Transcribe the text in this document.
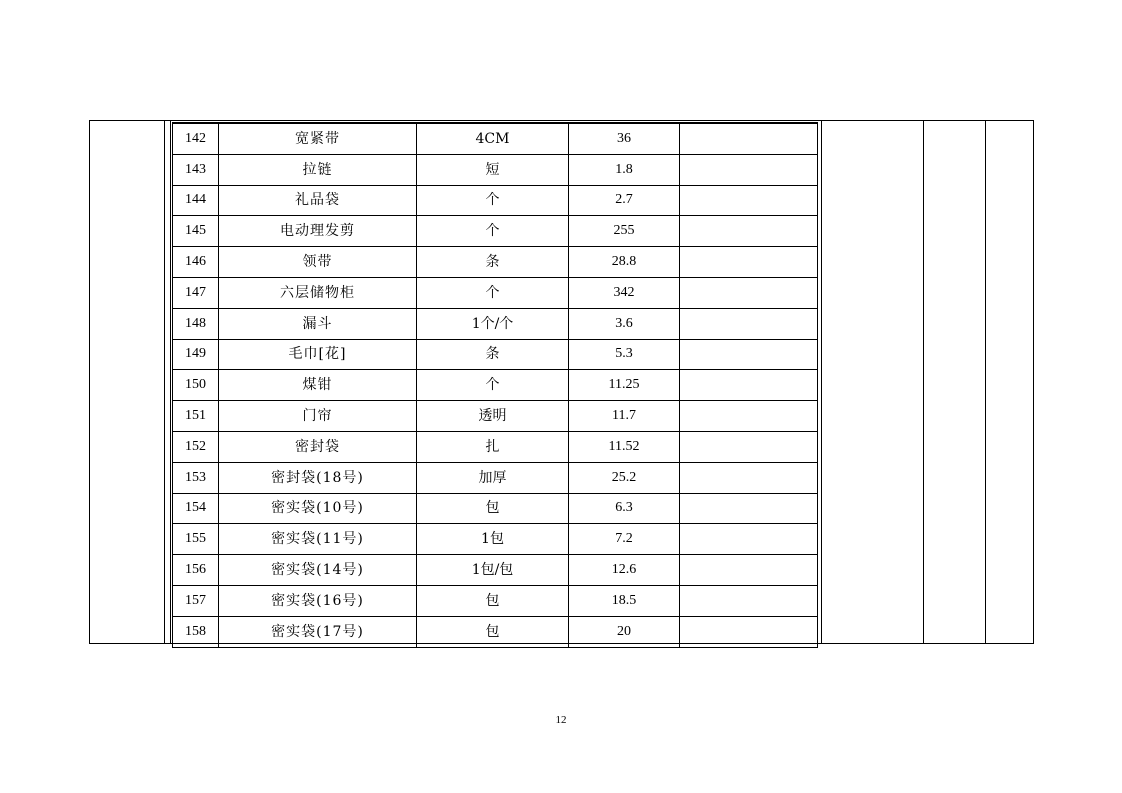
142	宽紧带	4CM	36	
143	拉链	短	1.8	
144	礼品袋	个	2.7	
145	电动理发剪	个	255	
146	领带	条	28.8	
147	六层储物柜	个	342	
148	漏斗	1个/个	3.6	
149	毛巾[花]	条	5.3	
150	煤钳	个	11.25	
151	门帘	透明	11.7	
152	密封袋	扎	11.52	
153	密封袋(18号)	加厚	25.2	
154	密实袋(10号)	包	6.3	
155	密实袋(11号)	1包	7.2	
156	密实袋(14号)	1包/包	12.6	
157	密实袋(16号)	包	18.5	
158	密实袋(17号)	包	20	
12
